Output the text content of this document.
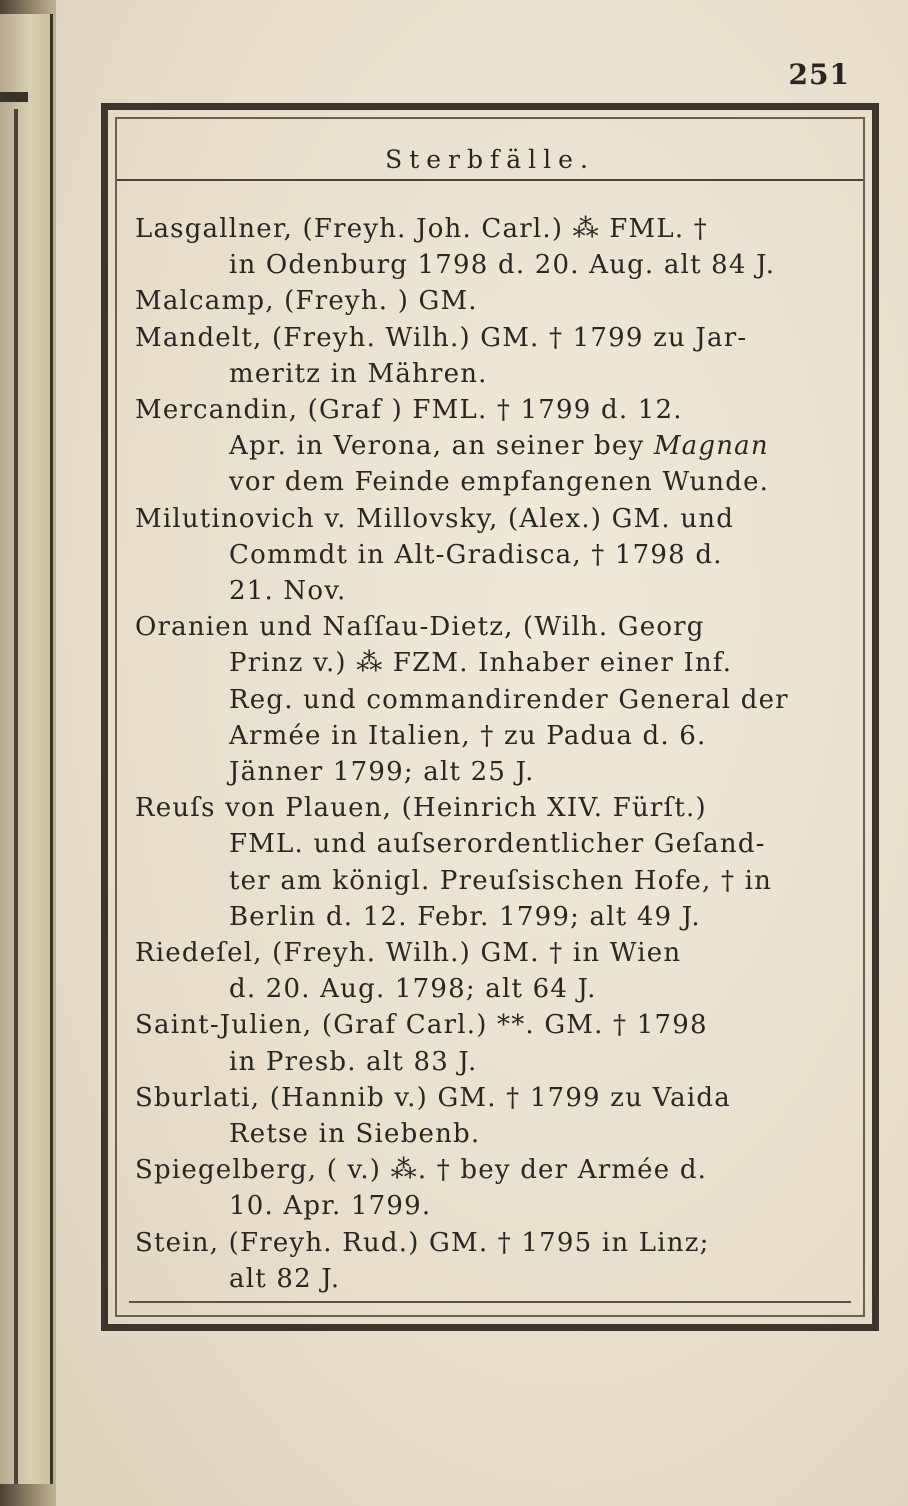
251
Sterbfälle.
Lasgallner, (Freyh. Joh. Carl.) ⁂ FML. †
in Odenburg 1798 d. 20. Aug. alt 84 J.
Malcamp, (Freyh. ) GM.
Mandelt, (Freyh. Wilh.) GM. † 1799 zu Jar-
meritz in Mähren.
Mercandin, (Graf ) FML. † 1799 d. 12.
Apr. in Verona, an seiner bey Magnan
vor dem Feinde empfangenen Wunde.
Milutinovich v. Millovsky, (Alex.) GM. und
Commdt in Alt-Gradisca, † 1798 d.
21. Nov.
Oranien und Naſſau-Dietz, (Wilh. Georg
Prinz v.) ⁂ FZM. Inhaber einer Inf.
Reg. und commandirender General der
Armée in Italien, † zu Padua d. 6.
Jänner 1799; alt 25 J.
Reuſs von Plauen, (Heinrich XIV. Fürſt.)
FML. und auſserordentlicher Geſand-
ter am königl. Preuſsischen Hofe, † in
Berlin d. 12. Febr. 1799; alt 49 J.
Riedeſel, (Freyh. Wilh.) GM. † in Wien
d. 20. Aug. 1798; alt 64 J.
Saint-Julien, (Graf Carl.) **. GM. † 1798
in Presb. alt 83 J.
Sburlati, (Hannib v.) GM. † 1799 zu Vaida
Retse in Siebenb.
Spiegelberg, ( v.) ⁂. † bey der Armée d.
10. Apr. 1799.
Stein, (Freyh. Rud.) GM. † 1795 in Linz;
alt 82 J.
